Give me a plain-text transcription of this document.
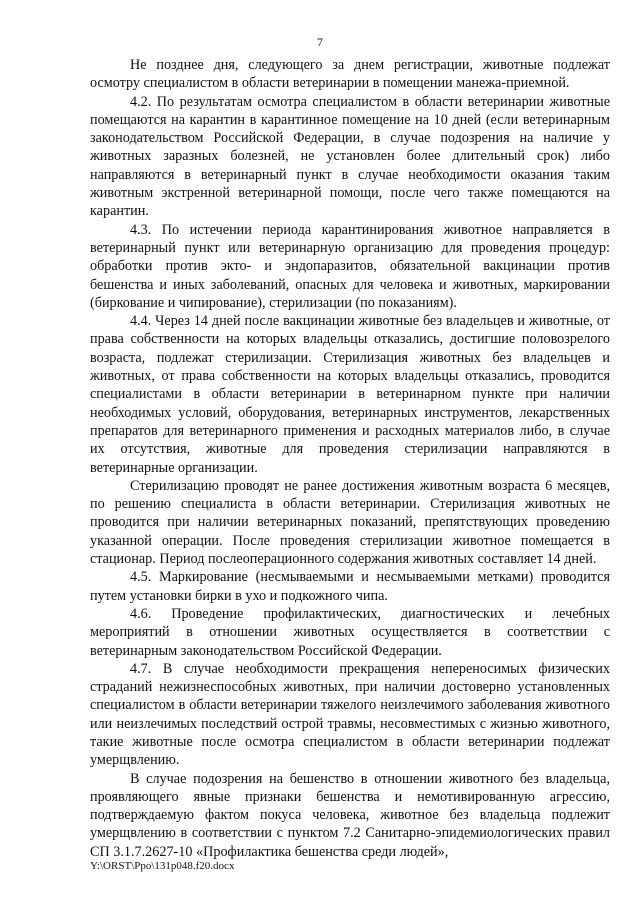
7

Не позднее дня, следующего за днем регистрации, животные подлежат осмотру специалистом в области ветеринарии в помещении манежа-приемной.

4.2. По результатам осмотра специалистом в области ветеринарии животные помещаются на карантин в карантинное помещение на 10 дней (если ветеринарным законодательством Российской Федерации, в случае подозрения на наличие у животных заразных болезней, не установлен более длительный срок) либо направляются в ветеринарный пункт в случае необходимости оказания таким животным экстренной ветеринарной помощи, после чего также помещаются на карантин.

4.3. По истечении периода карантинирования животное направляется в ветеринарный пункт или ветеринарную организацию для проведения процедур: обработки против экто- и эндопаразитов, обязательной вакцинации против бешенства и иных заболеваний, опасных для человека и животных, маркировании (биркование и чипирование), стерилизации (по показаниям).

4.4. Через 14 дней после вакцинации животные без владельцев и животные, от права собственности на которых владельцы отказались, достигшие половозрелого возраста, подлежат стерилизации. Стерилизация животных без владельцев и животных, от права собственности на которых владельцы отказались, проводится специалистами в области ветеринарии в ветеринарном пункте при наличии необходимых условий, оборудования, ветеринарных инструментов, лекарственных препаратов для ветеринарного применения и расходных материалов либо, в случае их отсутствия, животные для проведения стерилизации направляются в ветеринарные организации.

Стерилизацию проводят не ранее достижения животным возраста 6 месяцев, по решению специалиста в области ветеринарии. Стерилизация животных не проводится при наличии ветеринарных показаний, препятствующих проведению указанной операции. После проведения стерилизации животное помещается в стационар. Период послеоперационного содержания животных составляет 14 дней.

4.5. Маркирование (несмываемыми и несмываемыми метками) проводится путем установки бирки в ухо и подкожного чипа.

4.6. Проведение профилактических, диагностических и лечебных мероприятий в отношении животных осуществляется в соответствии с ветеринарным законодательством Российской Федерации.

4.7. В случае необходимости прекращения непереносимых физических страданий нежизнеспособных животных, при наличии достоверно установленных специалистом в области ветеринарии тяжелого неизлечимого заболевания животного или неизлечимых последствий острой травмы, несовместимых с жизнью животного, такие животные после осмотра специалистом в области ветеринарии подлежат умерщвлению.

В случае подозрения на бешенство в отношении животного без владельца, проявляющего явные признаки бешенства и немотивированную агрессию, подтверждаемую фактом покуса человека, животное без владельца подлежит умерщвлению в соответствии с пунктом 7.2 Санитарно-эпидемиологических правил СП 3.1.7.2627-10 «Профилактика бешенства среди людей»,

Y:\ORST\Ppo\131p048.f20.docx
